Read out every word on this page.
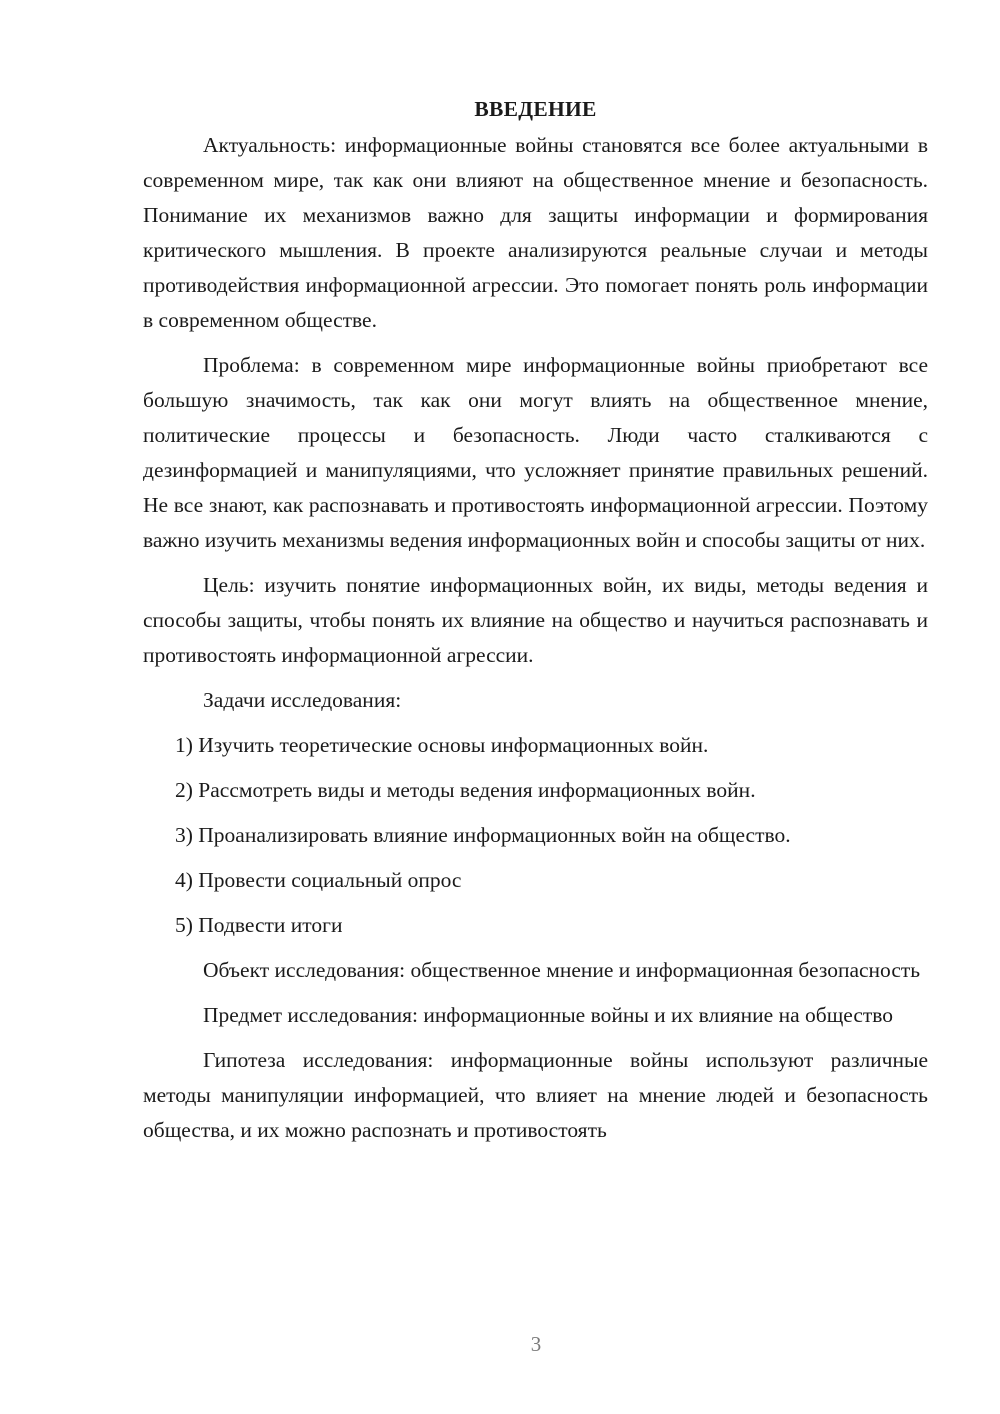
ВВЕДЕНИЕ

Актуальность: информационные войны становятся все более актуальными в современном мире, так как они влияют на общественное мнение и безопасность. Понимание их механизмов важно для защиты информации и формирования критического мышления. В проекте анализируются реальные случаи и методы противодействия информационной агрессии. Это помогает понять роль информации в современном обществе.

Проблема: в современном мире информационные войны приобретают все большую значимость, так как они могут влиять на общественное мнение, политические процессы и безопасность. Люди часто сталкиваются с дезинформацией и манипуляциями, что усложняет принятие правильных решений. Не все знают, как распознавать и противостоять информационной агрессии. Поэтому важно изучить механизмы ведения информационных войн и способы защиты от них.

Цель: изучить понятие информационных войн, их виды, методы ведения и способы защиты, чтобы понять их влияние на общество и научиться распознавать и противостоять информационной агрессии.

Задачи исследования:

1) Изучить теоретические основы информационных войн.
2) Рассмотреть виды и методы ведения информационных войн.
3) Проанализировать влияние информационных войн на общество.
4) Провести социальный опрос
5) Подвести итоги

Объект исследования: общественное мнение и информационная безопасность

Предмет исследования: информационные войны и их влияние на общество

Гипотеза исследования: информационные войны используют различные методы манипуляции информацией, что влияет на мнение людей и безопасность общества, и их можно распознать и противостоять

3
